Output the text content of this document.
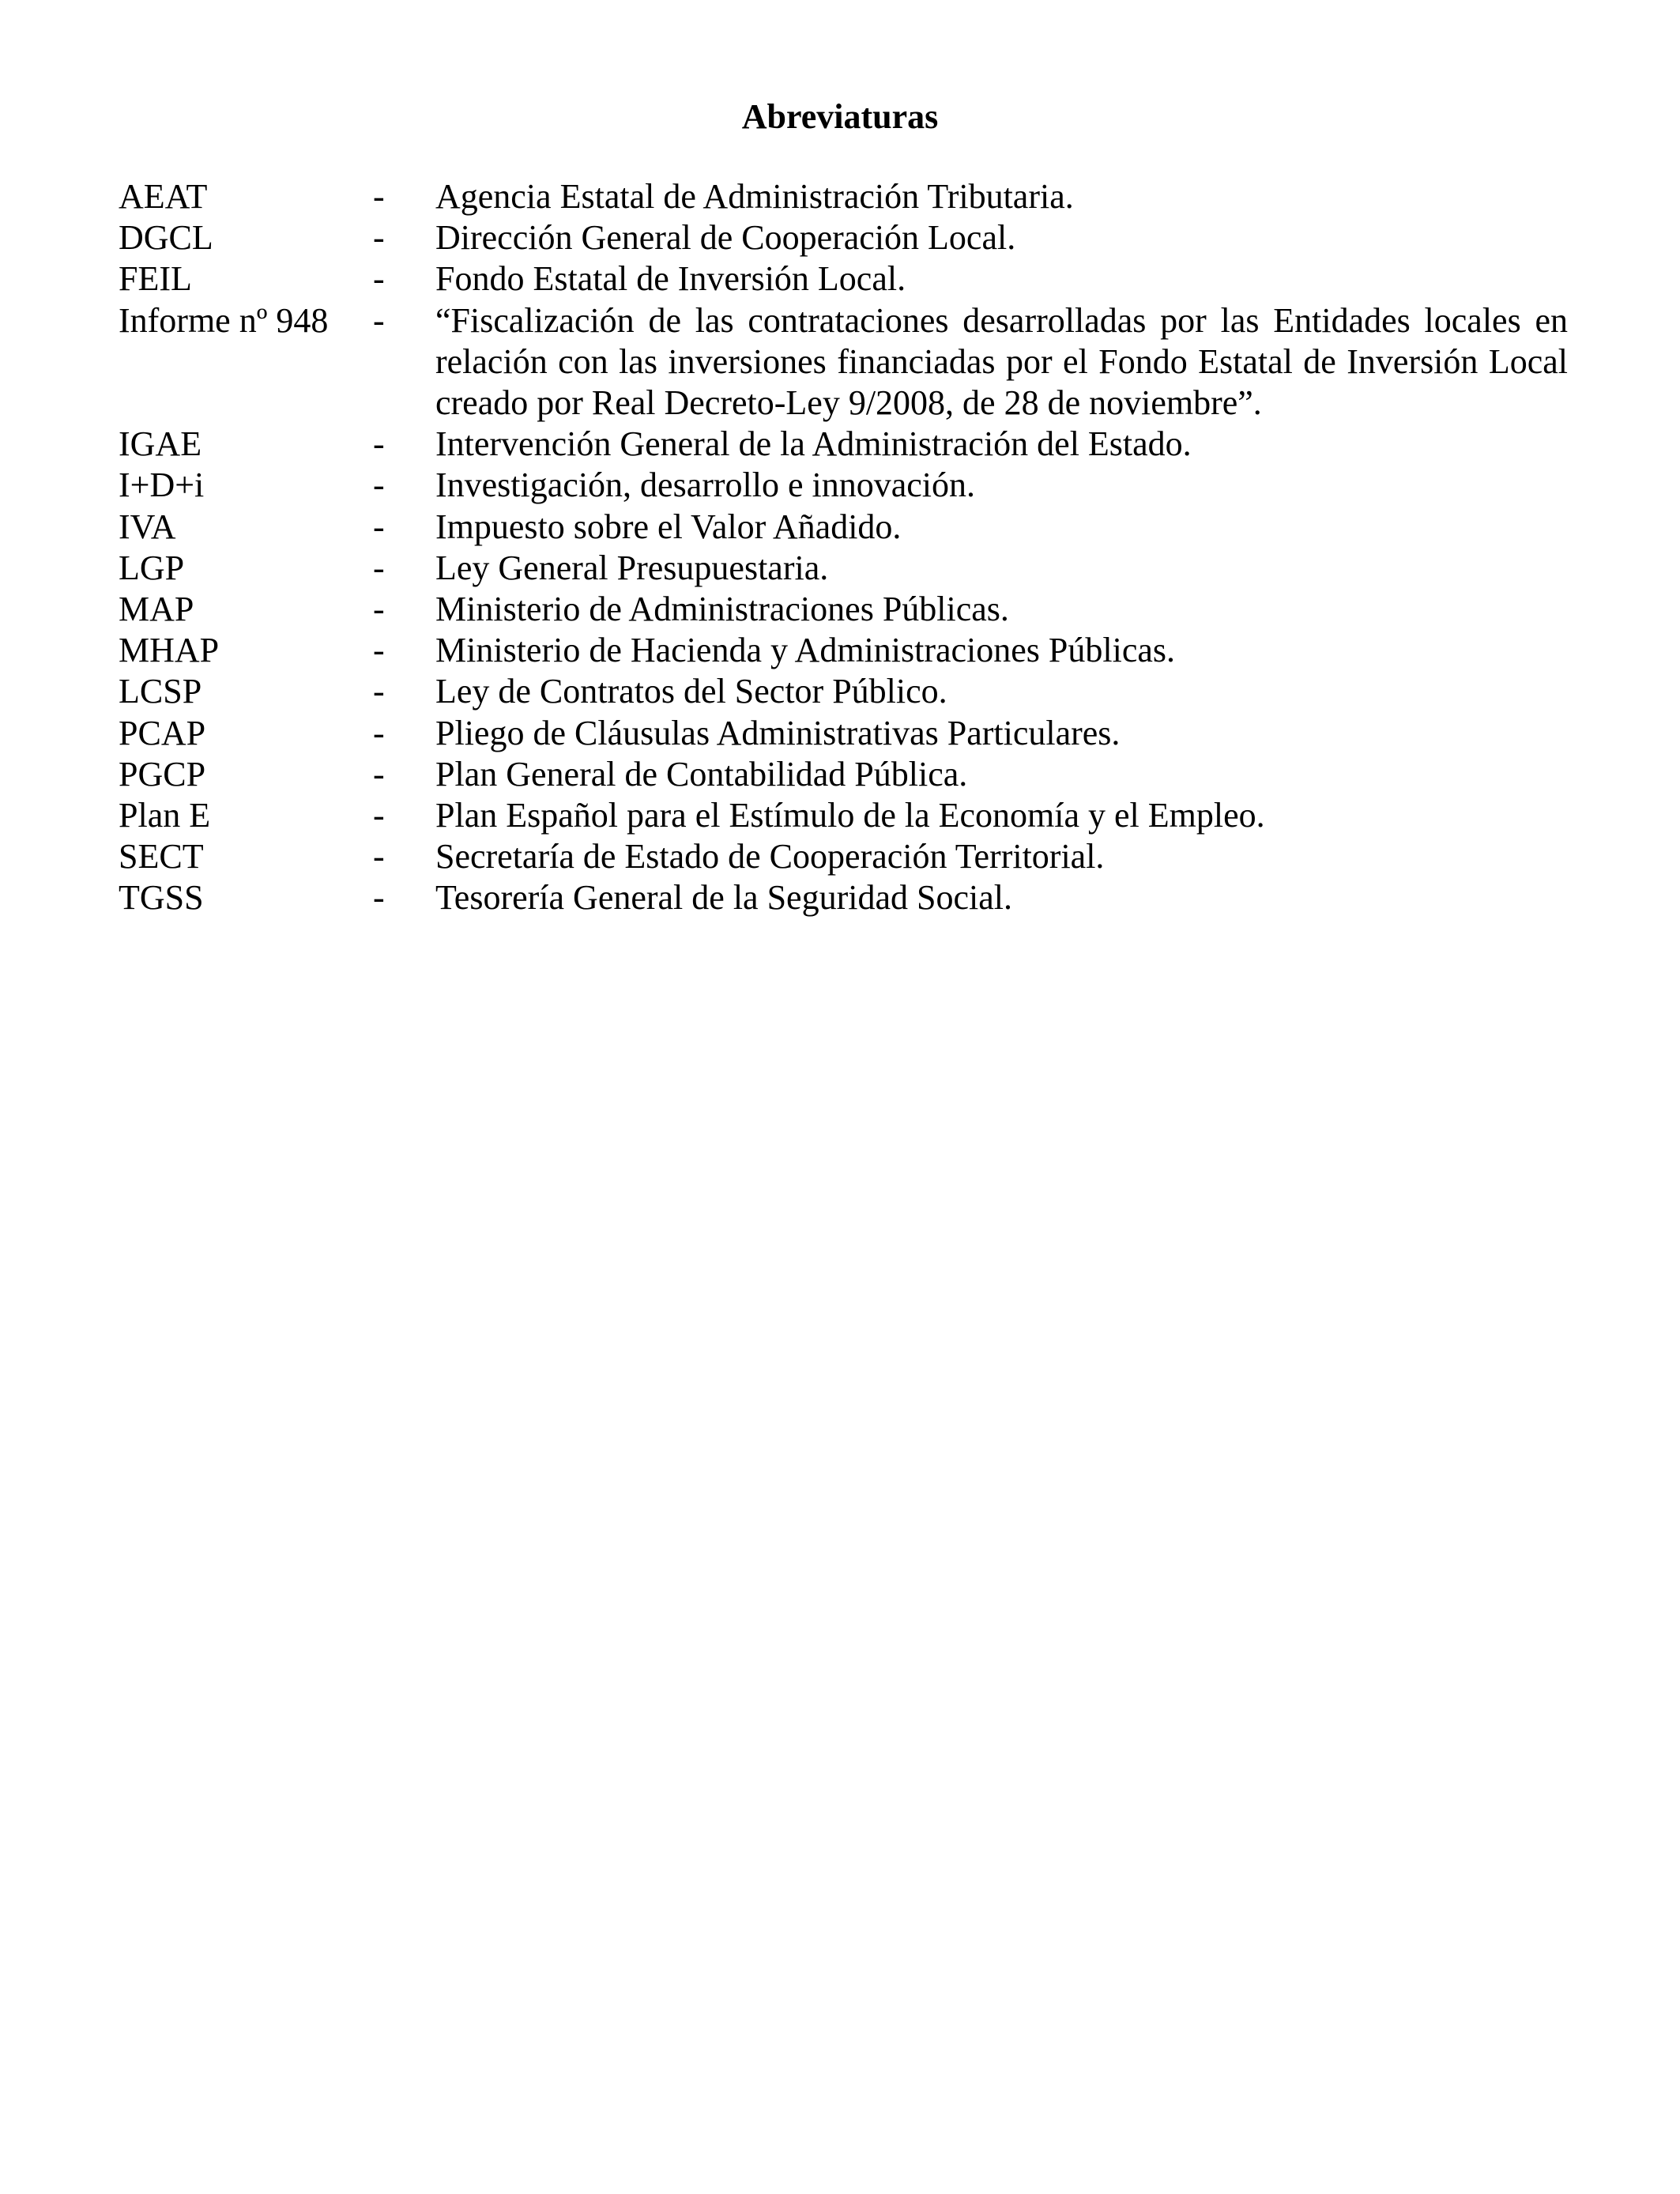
Abreviaturas
AEAT	-	Agencia Estatal de Administración Tributaria.
DGCL	-	Dirección General de Cooperación Local.
FEIL	-	Fondo Estatal de Inversión Local.
Informe nº 948	-	“Fiscalización de las contrataciones desarrolladas por las Entidades locales en relación con las inversiones financiadas por el Fondo Estatal de Inversión Local creado por Real Decreto-Ley 9/2008, de 28 de noviembre”.
IGAE	-	Intervención General de la Administración del Estado.
I+D+i	-	Investigación, desarrollo e innovación.
IVA	-	Impuesto sobre el Valor Añadido.
LGP	-	Ley General Presupuestaria.
MAP	-	Ministerio de Administraciones Públicas.
MHAP	-	Ministerio de Hacienda y Administraciones Públicas.
LCSP	-	Ley de Contratos del Sector Público.
PCAP	-	Pliego de Cláusulas Administrativas Particulares.
PGCP	-	Plan General de Contabilidad Pública.
Plan E	-	Plan Español para el Estímulo de la Economía y el Empleo.
SECT	-	Secretaría de Estado de Cooperación Territorial.
TGSS	-	Tesorería General de la Seguridad Social.
